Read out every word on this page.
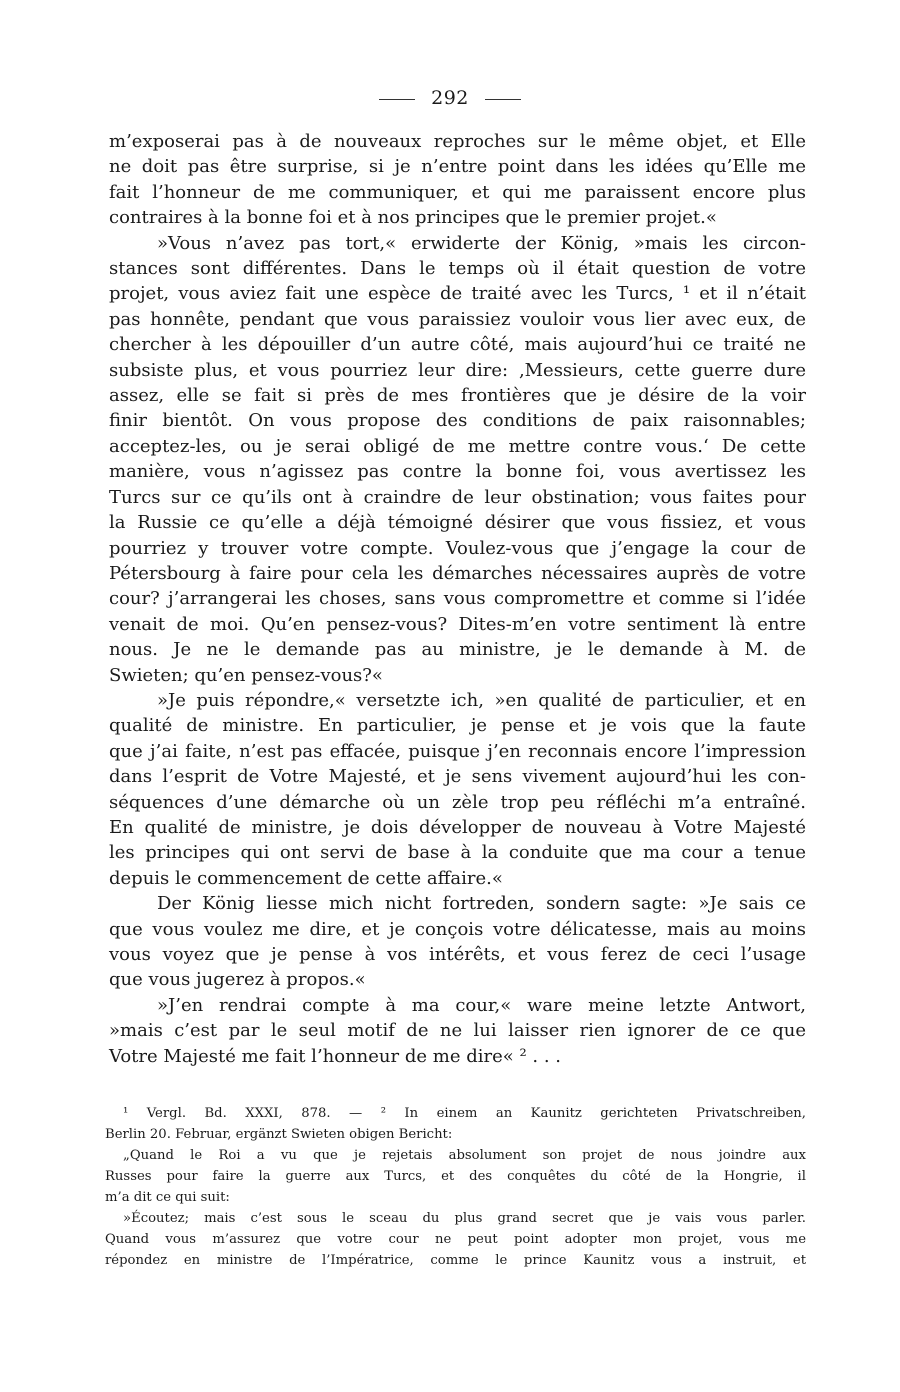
292
m’exposerai pas à de nouveaux reproches sur le même objet, et Elle
ne doit pas être surprise, si je n’entre point dans les idées qu’Elle me
fait l’honneur de me communiquer, et qui me paraissent encore plus
contraires à la bonne foi et à nos principes que le premier projet.«
»Vous n’avez pas tort,« erwiderte der König, »mais les circon-
stances sont différentes. Dans le temps où il était question de votre
projet, vous aviez fait une espèce de traité avec les Turcs, ¹ et il n’était
pas honnête, pendant que vous paraissiez vouloir vous lier avec eux, de
chercher à les dépouiller d’un autre côté, mais aujourd’hui ce traité ne
subsiste plus, et vous pourriez leur dire: ‚Messieurs, cette guerre dure
assez, elle se fait si près de mes frontières que je désire de la voir
finir bientôt. On vous propose des conditions de paix raisonnables;
acceptez-les, ou je serai obligé de me mettre contre vous.‘ De cette
manière, vous n’agissez pas contre la bonne foi, vous avertissez les
Turcs sur ce qu’ils ont à craindre de leur obstination; vous faites pour
la Russie ce qu’elle a déjà témoigné désirer que vous fissiez, et vous
pourriez y trouver votre compte. Voulez-vous que j’engage la cour de
Pétersbourg à faire pour cela les démarches nécessaires auprès de votre
cour? j’arrangerai les choses, sans vous compromettre et comme si l’idée
venait de moi. Qu’en pensez-vous? Dites-m’en votre sentiment là entre
nous. Je ne le demande pas au ministre, je le demande à M. de
Swieten; qu’en pensez-vous?«
»Je puis répondre,« versetzte ich, »en qualité de particulier, et en
qualité de ministre. En particulier, je pense et je vois que la faute
que j’ai faite, n’est pas effacée, puisque j’en reconnais encore l’impression
dans l’esprit de Votre Majesté, et je sens vivement aujourd’hui les con-
séquences d’une démarche où un zèle trop peu réfléchi m’a entraîné.
En qualité de ministre, je dois développer de nouveau à Votre Majesté
les principes qui ont servi de base à la conduite que ma cour a tenue
depuis le commencement de cette affaire.«
Der König liesse mich nicht fortreden, sondern sagte: »Je sais ce
que vous voulez me dire, et je conçois votre délicatesse, mais au moins
vous voyez que je pense à vos intérêts, et vous ferez de ceci l’usage
que vous jugerez à propos.«
»J’en rendrai compte à ma cour,« ware meine letzte Antwort,
»mais c’est par le seul motif de ne lui laisser rien ignorer de ce que
Votre Majesté me fait l’honneur de me dire« ² . . .
¹ Vergl. Bd. XXXI, 878. — ² In einem an Kaunitz gerichteten Privatschreiben,
Berlin 20. Februar, ergänzt Swieten obigen Bericht:
„Quand le Roi a vu que je rejetais absolument son projet de nous joindre aux
Russes pour faire la guerre aux Turcs, et des conquêtes du côté de la Hongrie, il
m’a dit ce qui suit:
»Écoutez; mais c’est sous le sceau du plus grand secret que je vais vous parler.
Quand vous m’assurez que votre cour ne peut point adopter mon projet, vous me
répondez en ministre de l’Impératrice, comme le prince Kaunitz vous a instruit, et
